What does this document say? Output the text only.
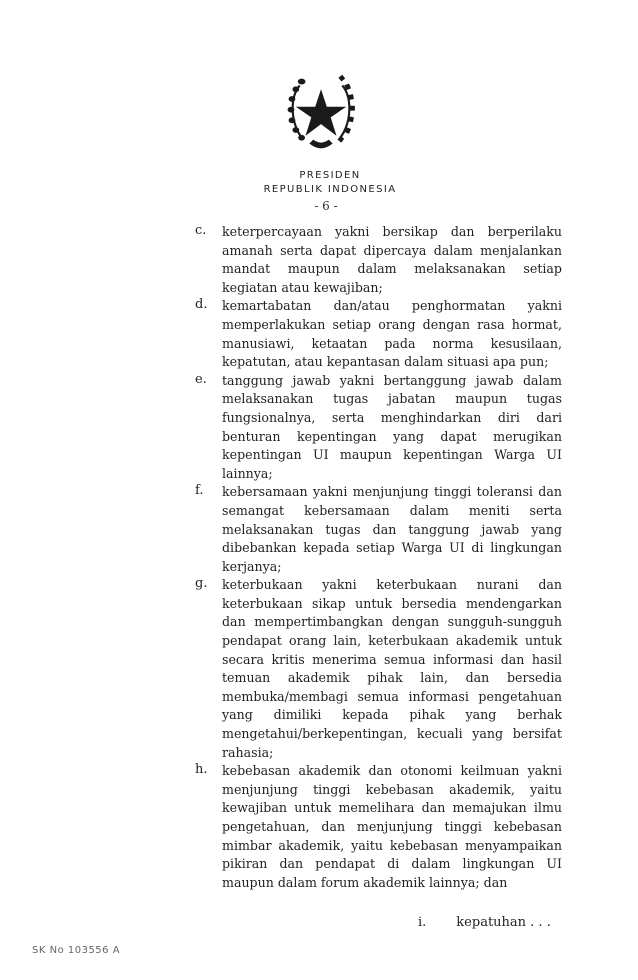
PRESIDEN
REPUBLIK INDONESIA
- 6 -
c. keterpercayaan yakni bersikap dan berperilaku amanah serta dapat dipercaya dalam menjalankan mandat maupun dalam melaksanakan setiap kegiatan atau kewajiban;
d. kemartabatan dan/atau penghormatan yakni memperlakukan setiap orang dengan rasa hormat, manusiawi, ketaatan pada norma kesusilaan, kepatutan, atau kepantasan dalam situasi apa pun;
e. tanggung jawab yakni bertanggung jawab dalam melaksanakan tugas jabatan maupun tugas fungsionalnya, serta menghindarkan diri dari benturan kepentingan yang dapat merugikan kepentingan UI maupun kepentingan Warga UI lainnya;
f. kebersamaan yakni menjunjung tinggi toleransi dan semangat kebersamaan dalam meniti serta melaksanakan tugas dan tanggung jawab yang dibebankan kepada setiap Warga UI di lingkungan kerjanya;
g. keterbukaan yakni keterbukaan nurani dan keterbukaan sikap untuk bersedia mendengarkan dan mempertimbangkan dengan sungguh-sungguh pendapat orang lain, keterbukaan akademik untuk secara kritis menerima semua informasi dan hasil temuan akademik pihak lain, dan bersedia membuka/membagi semua informasi pengetahuan yang dimiliki kepada pihak yang berhak mengetahui/berkepentingan, kecuali yang bersifat rahasia;
h. kebebasan akademik dan otonomi keilmuan yakni menjunjung tinggi kebebasan akademik, yaitu kewajiban untuk memelihara dan memajukan ilmu pengetahuan, dan menjunjung tinggi kebebasan mimbar akademik, yaitu kebebasan menyampaikan pikiran dan pendapat di dalam lingkungan UI maupun dalam forum akademik lainnya; dan
i. kepatuhan . . .
SK No 103556 A
